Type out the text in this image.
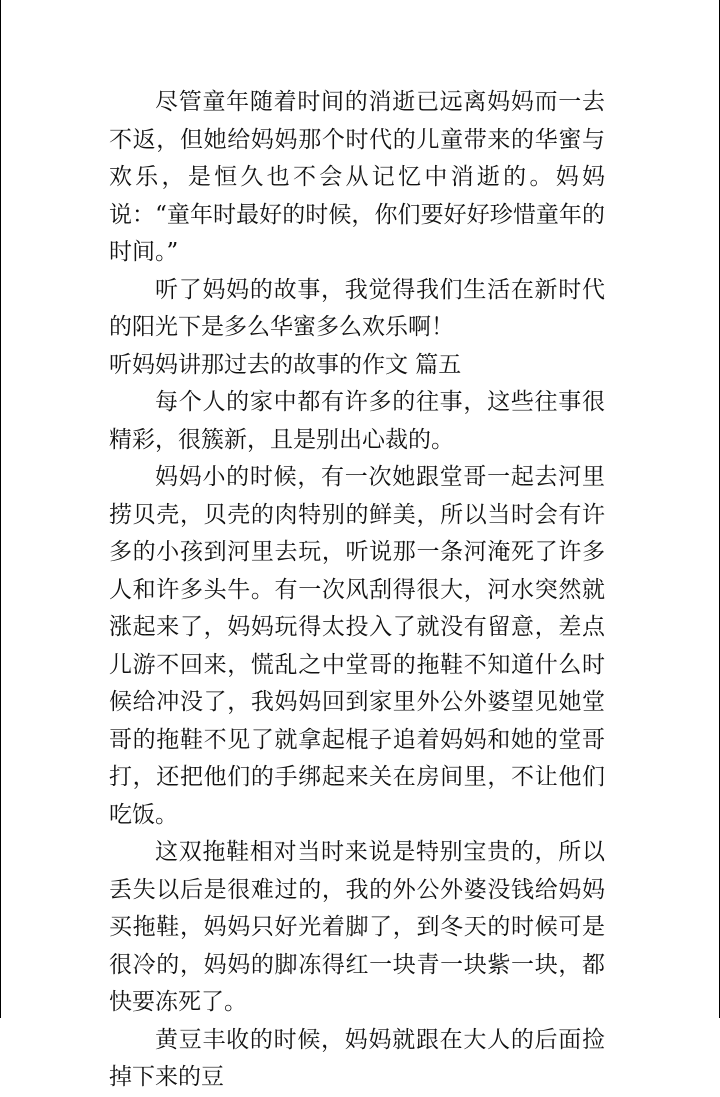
尽管童年随着时间的消逝已远离妈妈而一去不返，但她给妈妈那个时代的儿童带来的华蜜与欢乐，是恒久也不会从记忆中消逝的。妈妈说：“童年时最好的时候，你们要好好珍惜童年的时间。”

听了妈妈的故事，我觉得我们生活在新时代的阳光下是多么华蜜多么欢乐啊！

听妈妈讲那过去的故事的作文 篇五

每个人的家中都有许多的往事，这些往事很精彩，很簇新，且是别出心裁的。

妈妈小的时候，有一次她跟堂哥一起去河里捞贝壳，贝壳的肉特别的鲜美，所以当时会有许多的小孩到河里去玩，听说那一条河淹死了许多人和许多头牛。有一次风刮得很大，河水突然就涨起来了，妈妈玩得太投入了就没有留意，差点儿游不回来，慌乱之中堂哥的拖鞋不知道什么时候给冲没了，我妈妈回到家里外公外婆望见她堂哥的拖鞋不见了就拿起棍子追着妈妈和她的堂哥打，还把他们的手绑起来关在房间里，不让他们吃饭。

这双拖鞋相对当时来说是特别宝贵的，所以丢失以后是很难过的，我的外公外婆没钱给妈妈买拖鞋，妈妈只好光着脚了，到冬天的时候可是很冷的，妈妈的脚冻得红一块青一块紫一块，都快要冻死了。

黄豆丰收的时候，妈妈就跟在大人的后面捡掉下来的豆
